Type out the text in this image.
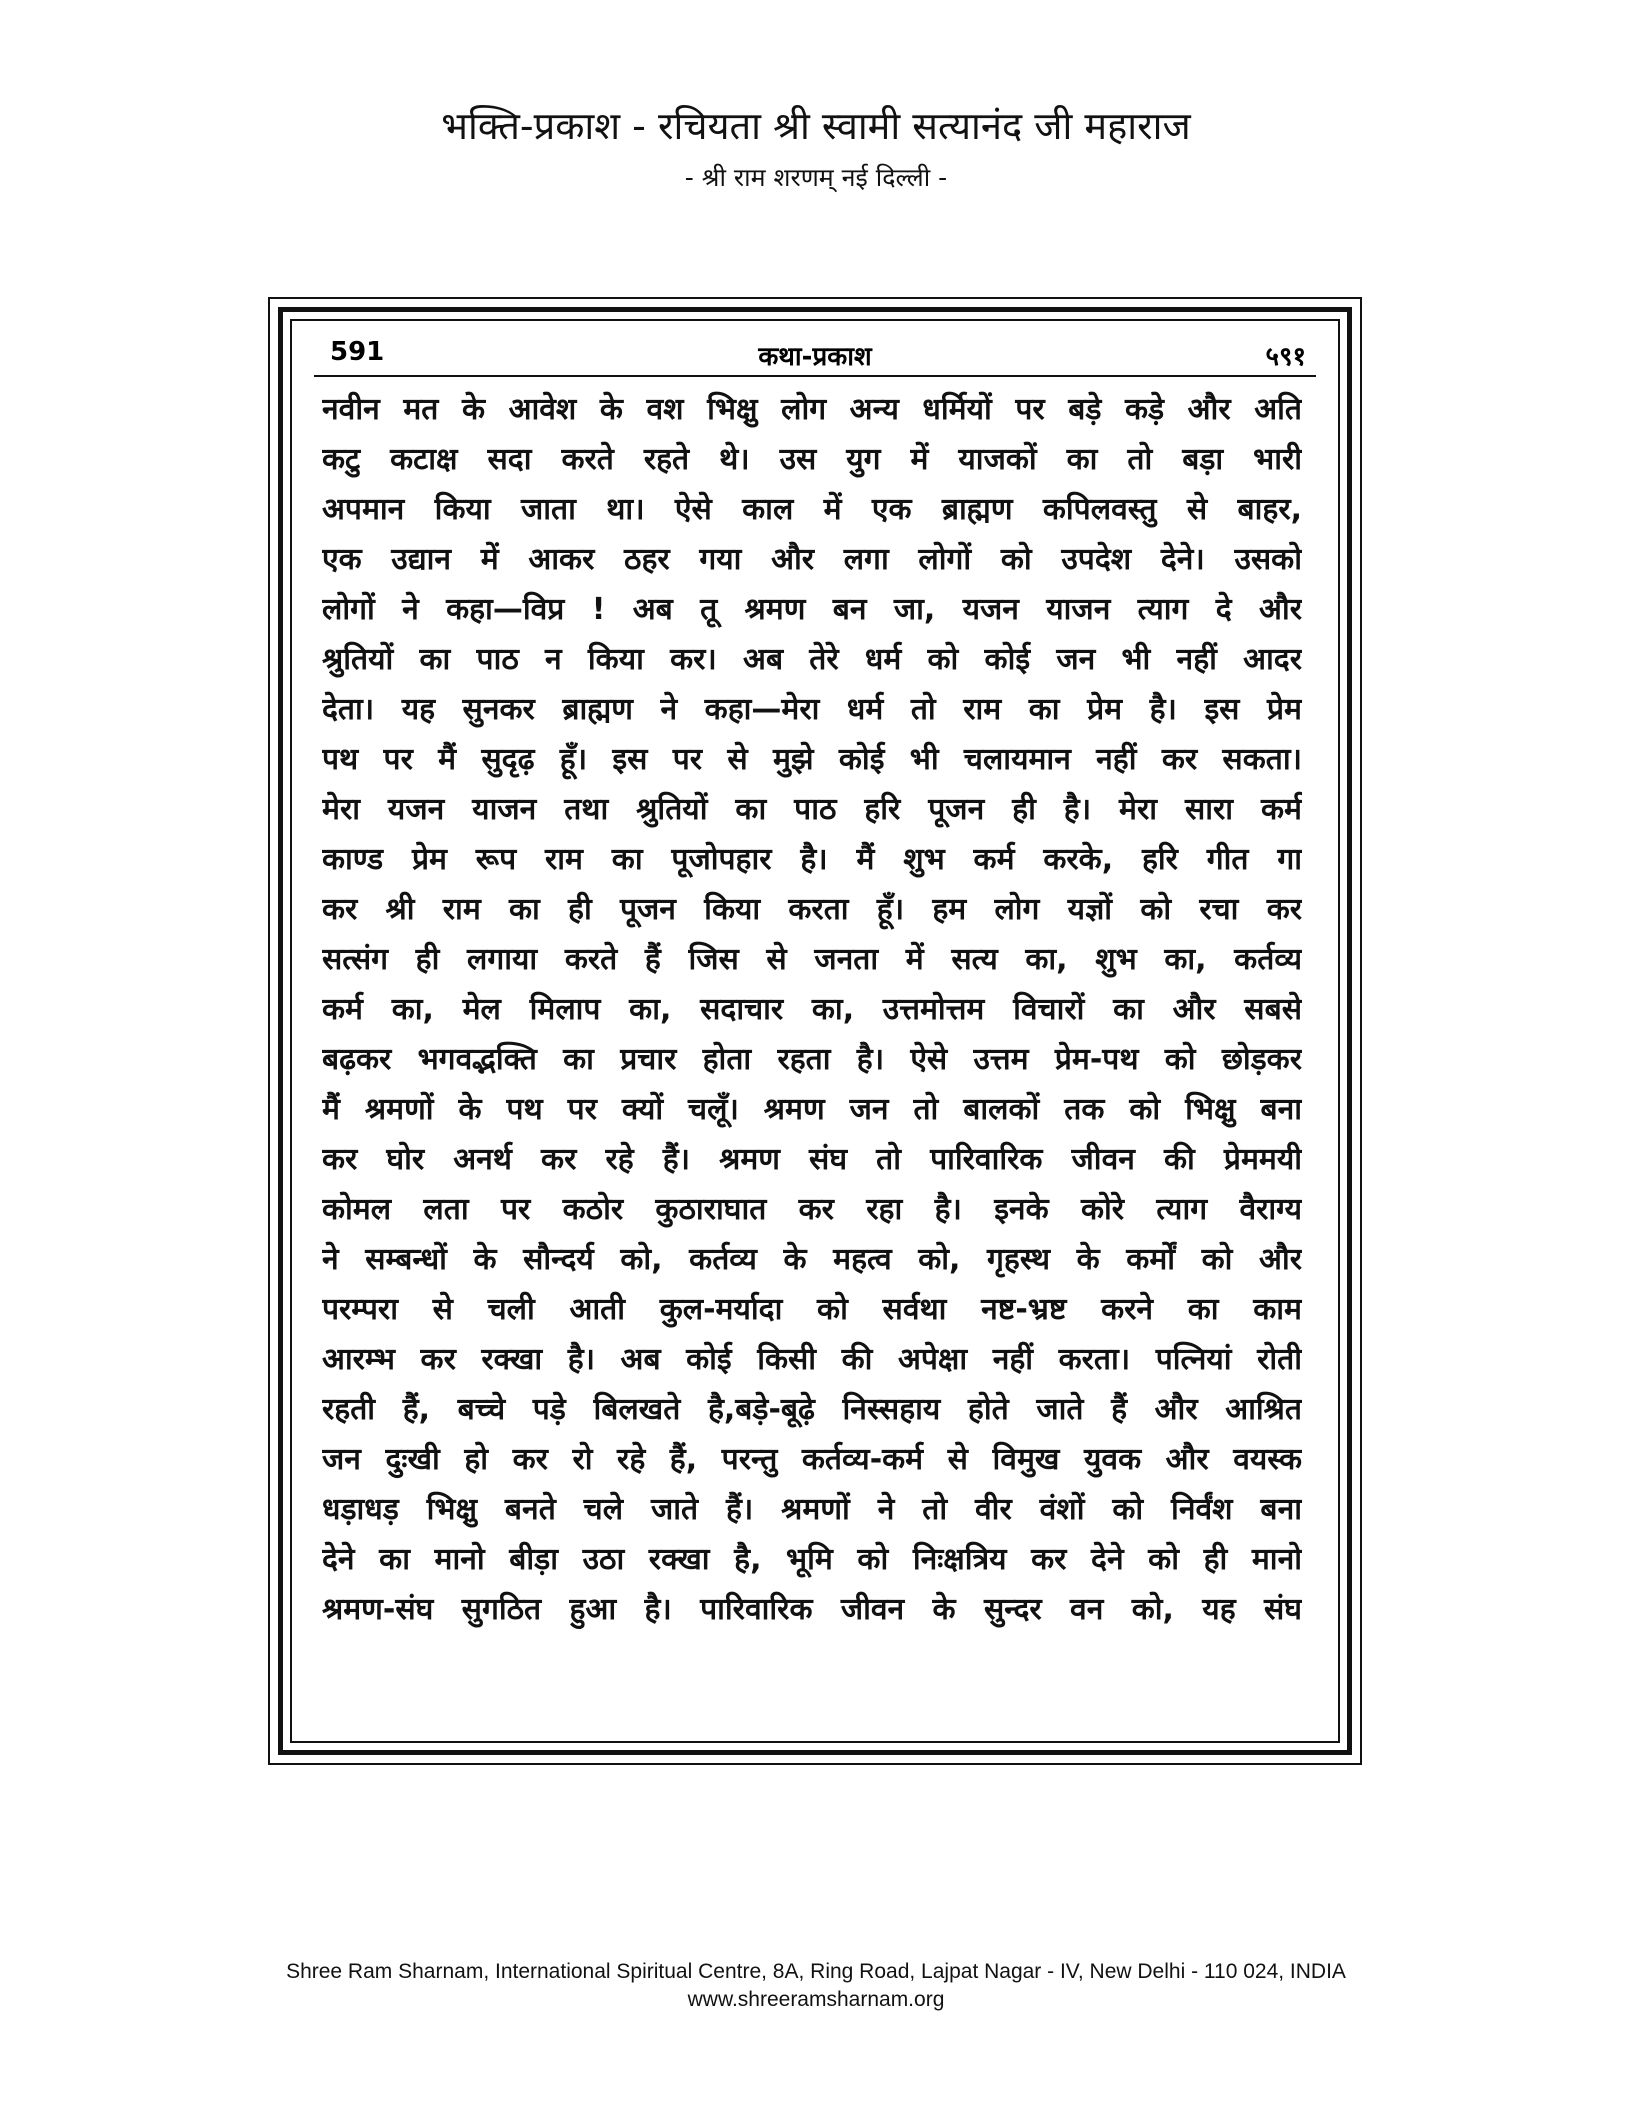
भक्ति-प्रकाश - रचियता श्री स्वामी सत्यानंद जी महाराज
- श्री राम शरणम् नई दिल्ली -
591	कथा-प्रकाश	५९१
नवीन मत के आवेश के वश भिक्षु लोग अन्य धर्मियों पर बड़े कड़े और अति
कटु कटाक्ष सदा करते रहते थे। उस युग में याजकों का तो बड़ा भारी
अपमान किया जाता था। ऐसे काल में एक ब्राह्मण कपिलवस्तु से बाहर,
एक उद्यान में आकर ठहर गया और लगा लोगों को उपदेश देने। उसको
लोगों ने कहा—विप्र ! अब तू श्रमण बन जा, यजन याजन त्याग दे और
श्रुतियों का पाठ न किया कर। अब तेरे धर्म को कोई जन भी नहीं आदर
देता। यह सुनकर ब्राह्मण ने कहा—मेरा धर्म तो राम का प्रेम है। इस प्रेम
पथ पर मैं सुदृढ़ हूँ। इस पर से मुझे कोई भी चलायमान नहीं कर सकता।
मेरा यजन याजन तथा श्रुतियों का पाठ हरि पूजन ही है। मेरा सारा कर्म
काण्ड प्रेम रूप राम का पूजोपहार है। मैं शुभ कर्म करके, हरि गीत गा
कर श्री राम का ही पूजन किया करता हूँ। हम लोग यज्ञों को रचा कर
सत्संग ही लगाया करते हैं जिस से जनता में सत्य का, शुभ का, कर्तव्य
कर्म का, मेल मिलाप का, सदाचार का, उत्तमोत्तम विचारों का और सबसे
बढ़कर भगवद्भक्ति का प्रचार होता रहता है। ऐसे उत्तम प्रेम-पथ को छोड़कर
मैं श्रमणों के पथ पर क्यों चलूँ। श्रमण जन तो बालकों तक को भिक्षु बना
कर घोर अनर्थ कर रहे हैं। श्रमण संघ तो पारिवारिक जीवन की प्रेममयी
कोमल लता पर कठोर कुठाराघात कर रहा है। इनके कोरे त्याग वैराग्य
ने सम्बन्धों के सौन्दर्य को, कर्तव्य के महत्व को, गृहस्थ के कर्मों को और
परम्परा से चली आती कुल-मर्यादा को सर्वथा नष्ट-भ्रष्ट करने का काम
आरम्भ कर रक्खा है। अब कोई किसी की अपेक्षा नहीं करता। पत्नियां रोती
रहती हैं, बच्चे पड़े बिलखते है,बड़े-बूढ़े निस्सहाय होते जाते हैं और आश्रित
जन दुःखी हो कर रो रहे हैं, परन्तु कर्तव्य-कर्म से विमुख युवक और वयस्क
धड़ाधड़ भिक्षु बनते चले जाते हैं। श्रमणों ने तो वीर वंशों को निर्वंश बना
देने का मानो बीड़ा उठा रक्खा है, भूमि को निःक्षत्रिय कर देने को ही मानो
श्रमण-संघ सुगठित हुआ है। पारिवारिक जीवन के सुन्दर वन को, यह संघ
Shree Ram Sharnam, International Spiritual Centre, 8A, Ring Road, Lajpat Nagar - IV, New Delhi - 110 024, INDIA
www.shreeramsharnam.org
